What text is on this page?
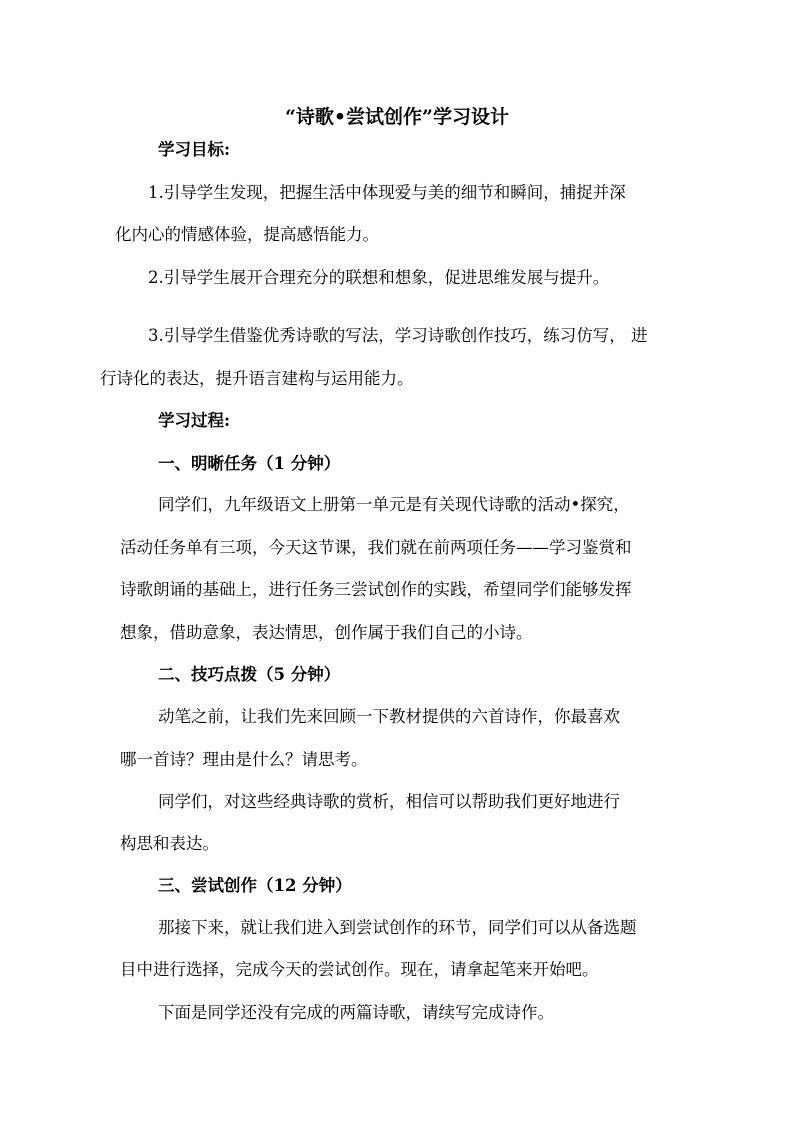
“诗歌•尝试创作”学习设计
学习目标:
1.引导学生发现，把握生活中体现爱与美的细节和瞬间，捕捉并深
化内心的情感体验，提高感悟能力。
2.引导学生展开合理充分的联想和想象，促进思维发展与提升。
3.引导学生借鉴优秀诗歌的写法，学习诗歌创作技巧，练习仿写， 进
行诗化的表达，提升语言建构与运用能力。
学习过程:
一、明晰任务（1 分钟）
同学们，九年级语文上册第一单元是有关现代诗歌的活动•探究，
活动任务单有三项，今天这节课，我们就在前两项任务——学习鉴赏和
诗歌朗诵的基础上，进行任务三尝试创作的实践，希望同学们能够发挥
想象，借助意象，表达情思，创作属于我们自己的小诗。
二、技巧点拨（5 分钟）
动笔之前，让我们先来回顾一下教材提供的六首诗作，你最喜欢
哪一首诗？理由是什么？请思考。
同学们，对这些经典诗歌的赏析，相信可以帮助我们更好地进行
构思和表达。
三、尝试创作（12 分钟）
那接下来，就让我们进入到尝试创作的环节，同学们可以从备选题
目中进行选择，完成今天的尝试创作。现在，请拿起笔来开始吧。
下面是同学还没有完成的两篇诗歌，请续写完成诗作。
